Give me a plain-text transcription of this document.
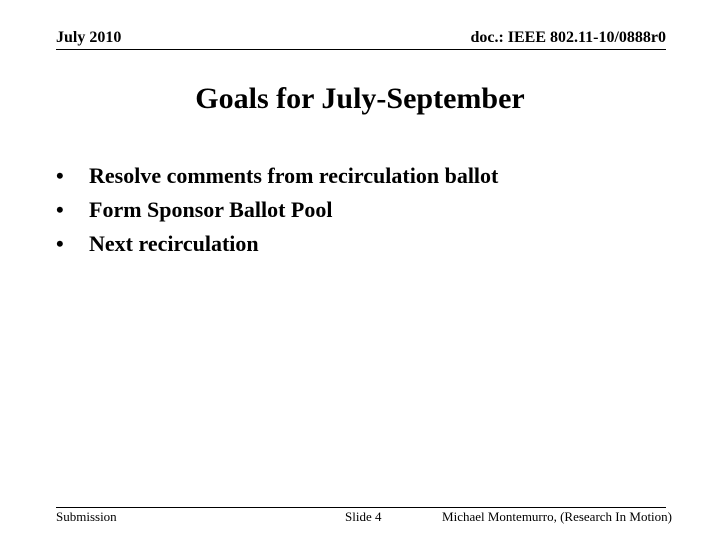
July 2010	doc.: IEEE 802.11-10/0888r0
Goals for July-September
•	Resolve comments from recirculation ballot
•	Form Sponsor Ballot Pool
•	Next recirculation
Submission	Slide 4	Michael Montemurro, (Research In Motion)
